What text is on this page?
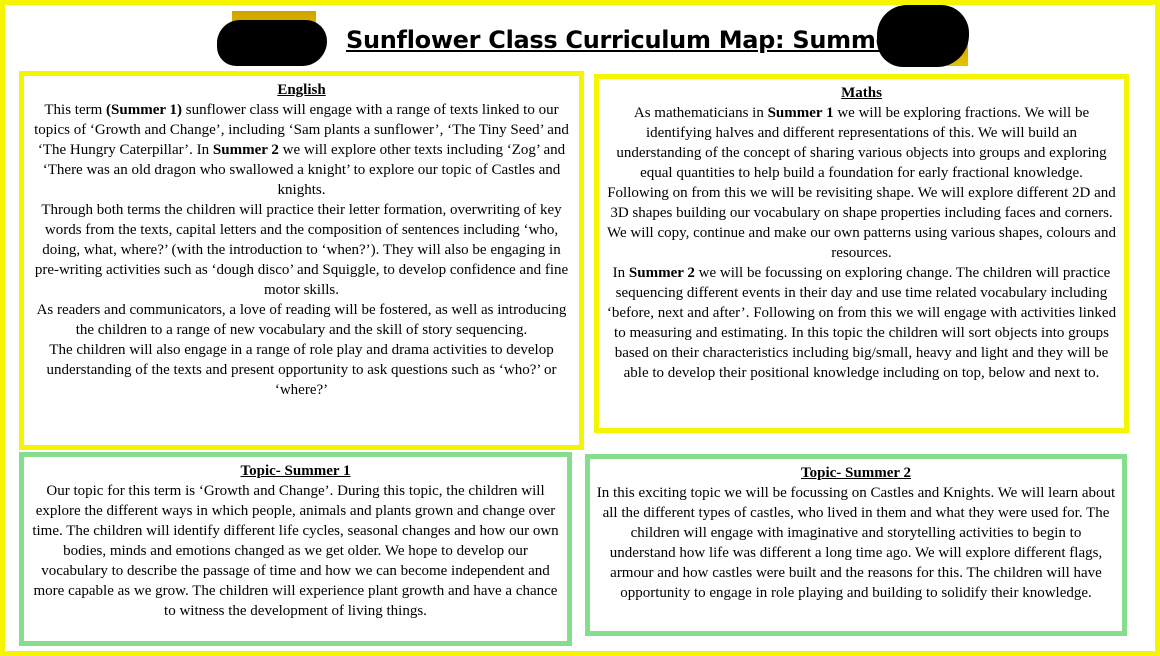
Sunflower Class Curriculum Map: Summer
English

This term (Summer 1) sunflower class will engage with a range of texts linked to our topics of ‘Growth and Change’, including ‘Sam plants a sunflower’, ‘The Tiny Seed’ and ‘The Hungry Caterpillar’. In Summer 2 we will explore other texts including ‘Zog’ and ‘There was an old dragon who swallowed a knight’ to explore our topic of Castles and knights.

Through both terms the children will practice their letter formation, overwriting of key words from the texts, capital letters and the composition of sentences including ‘who, doing, what, where?’ (with the introduction to ‘when?’). They will also be engaging in pre-writing activities such as ‘dough disco’ and Squiggle, to develop confidence and fine motor skills.

As readers and communicators, a love of reading will be fostered, as well as introducing the children to a range of new vocabulary and the skill of story sequencing.

The children will also engage in a range of role play and drama activities to develop understanding of the texts and present opportunity to ask questions such as ‘who?’ or ‘where?’

Maths

As mathematicians in Summer 1 we will be exploring fractions. We will be identifying halves and different representations of this. We will build an understanding of the concept of sharing various objects into groups and exploring equal quantities to help build a foundation for early fractional knowledge.

Following on from this we will be revisiting shape. We will explore different 2D and 3D shapes building our vocabulary on shape properties including faces and corners. We will copy, continue and make our own patterns using various shapes, colours and resources.

In Summer 2 we will be focussing on exploring change. The children will practice sequencing different events in their day and use time related vocabulary including ‘before, next and after’. Following on from this we will engage with activities linked to measuring and estimating. In this topic the children will sort objects into groups based on their characteristics including big/small, heavy and light and they will be able to develop their positional knowledge including on top, below and next to.

Topic- Summer 1

Our topic for this term is ‘Growth and Change’. During this topic, the children will explore the different ways in which people, animals and plants grown and change over time. The children will identify different life cycles, seasonal changes and how our own bodies, minds and emotions changed as we get older. We hope to develop our vocabulary to describe the passage of time and how we can become independent and more capable as we grow. The children will experience plant growth and have a chance to witness the development of living things.

Topic- Summer 2

In this exciting topic we will be focussing on Castles and Knights. We will learn about all the different types of castles, who lived in them and what they were used for. The children will engage with imaginative and storytelling activities to begin to understand how life was different a long time ago. We will explore different flags, armour and how castles were built and the reasons for this. The children will have opportunity to engage in role playing and building to solidify their knowledge.
